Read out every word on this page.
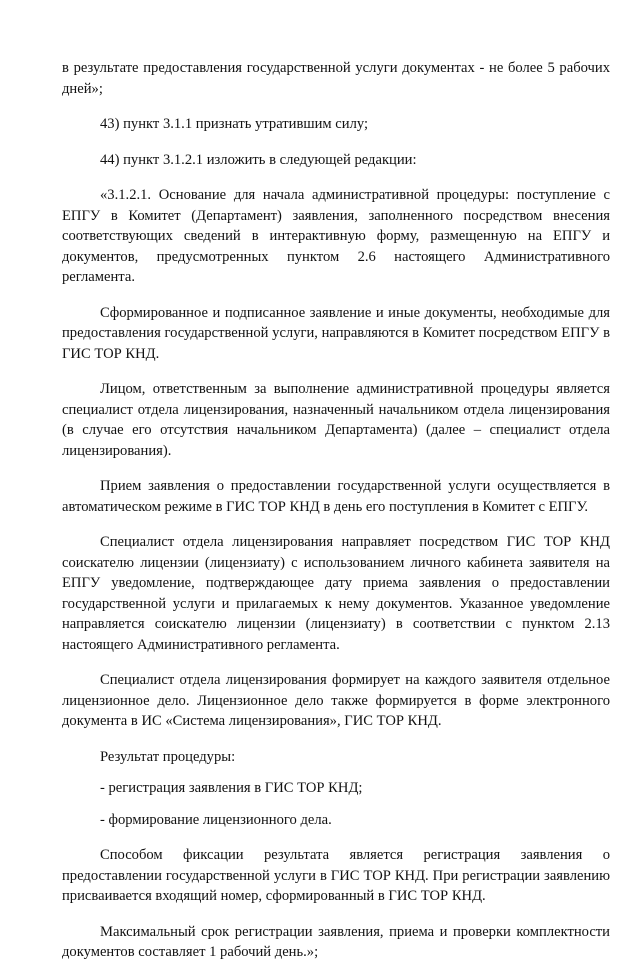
в результате предоставления государственной услуги документах - не более 5 рабочих дней»;

43) пункт 3.1.1 признать утратившим силу;

44) пункт 3.1.2.1 изложить в следующей редакции:

«3.1.2.1. Основание для начала административной процедуры: поступление с ЕПГУ в Комитет (Департамент) заявления, заполненного посредством внесения соответствующих сведений в интерактивную форму, размещенную на ЕПГУ и документов, предусмотренных пунктом 2.6 настоящего Административного регламента.

Сформированное и подписанное заявление и иные документы, необходимые для предоставления государственной услуги, направляются в Комитет посредством ЕПГУ в ГИС ТОР КНД.

Лицом, ответственным за выполнение административной процедуры является специалист отдела лицензирования, назначенный начальником отдела лицензирования (в случае его отсутствия начальником Департамента) (далее – специалист отдела лицензирования).

Прием заявления о предоставлении государственной услуги осуществляется в автоматическом режиме в ГИС ТОР КНД в день его поступления в Комитет с ЕПГУ.

Специалист отдела лицензирования направляет посредством ГИС ТОР КНД соискателю лицензии (лицензиату) с использованием личного кабинета заявителя на ЕПГУ уведомление, подтверждающее дату приема заявления о предоставлении государственной услуги и прилагаемых к нему документов. Указанное уведомление направляется соискателю лицензии (лицензиату) в соответствии с пунктом 2.13 настоящего Административного регламента.

Специалист отдела лицензирования формирует на каждого заявителя отдельное лицензионное дело. Лицензионное дело также формируется в форме электронного документа в ИС «Система лицензирования», ГИС ТОР КНД.

Результат процедуры:

- регистрация заявления в ГИС ТОР КНД;

- формирование лицензионного дела.

Способом фиксации результата является регистрация заявления о предоставлении государственной услуги в ГИС ТОР КНД. При регистрации заявлению присваивается входящий номер, сформированный в ГИС ТОР КНД.

Максимальный срок регистрации заявления, приема и проверки комплектности документов составляет 1 рабочий день.»;
